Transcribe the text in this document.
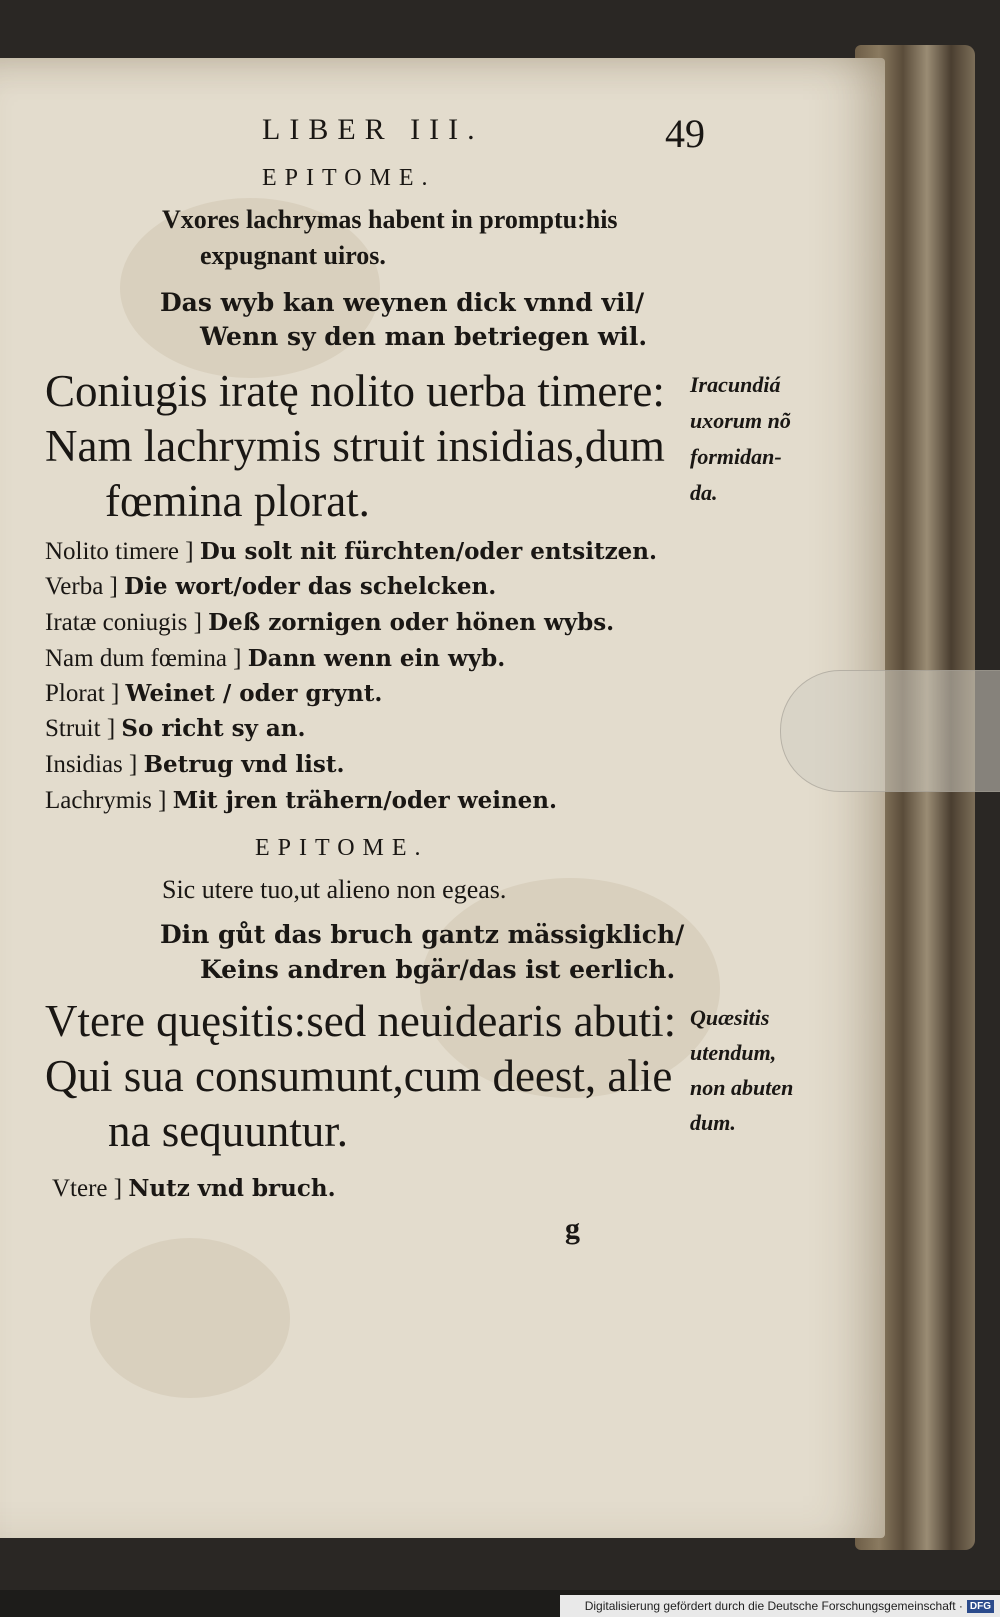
LIBER III.	49
EPITOME.
Vxores lachrymas habent in promptu:his
expugnant uiros.
Das wyb kan weynen dick vnnd vil/
Wenn sy den man betriegen wil.
Coniugis iratę nolito uerba timere:
Nam lachrymis struit insidias,dum
fœmina plorat.
Iracundiá
uxorum nõ
formidan-
da.
Nolito timere ] Du solt nit fürchten/oder entsitzen.
Verba ] Die wort/oder das schelcken.
Iratæ coniugis ] Deß zornigen oder hönen wybs.
Nam dum fœmina ] Dann wenn ein wyb.
Plorat ] Weinet / oder grynt.
Struit ] So richt sy an.
Insidias ] Betrug vnd list.
Lachrymis ] Mit jren trähern/oder weinen.
EPITOME.
Sic utere tuo,ut alieno non egeas.
Din gůt das bruch gantz mässigklich/
Keins andren bgär/das ist eerlich.
Vtere quęsitis:sed neuidearis abuti:
Qui sua consumunt,cum deest, alie
na sequuntur.
Quæsitis
utendum,
non abuten
dum.
Vtere ] Nutz vnd bruch.
g
Digitalisierung gefördert durch die Deutsche Forschungsgemeinschaft · DFG
